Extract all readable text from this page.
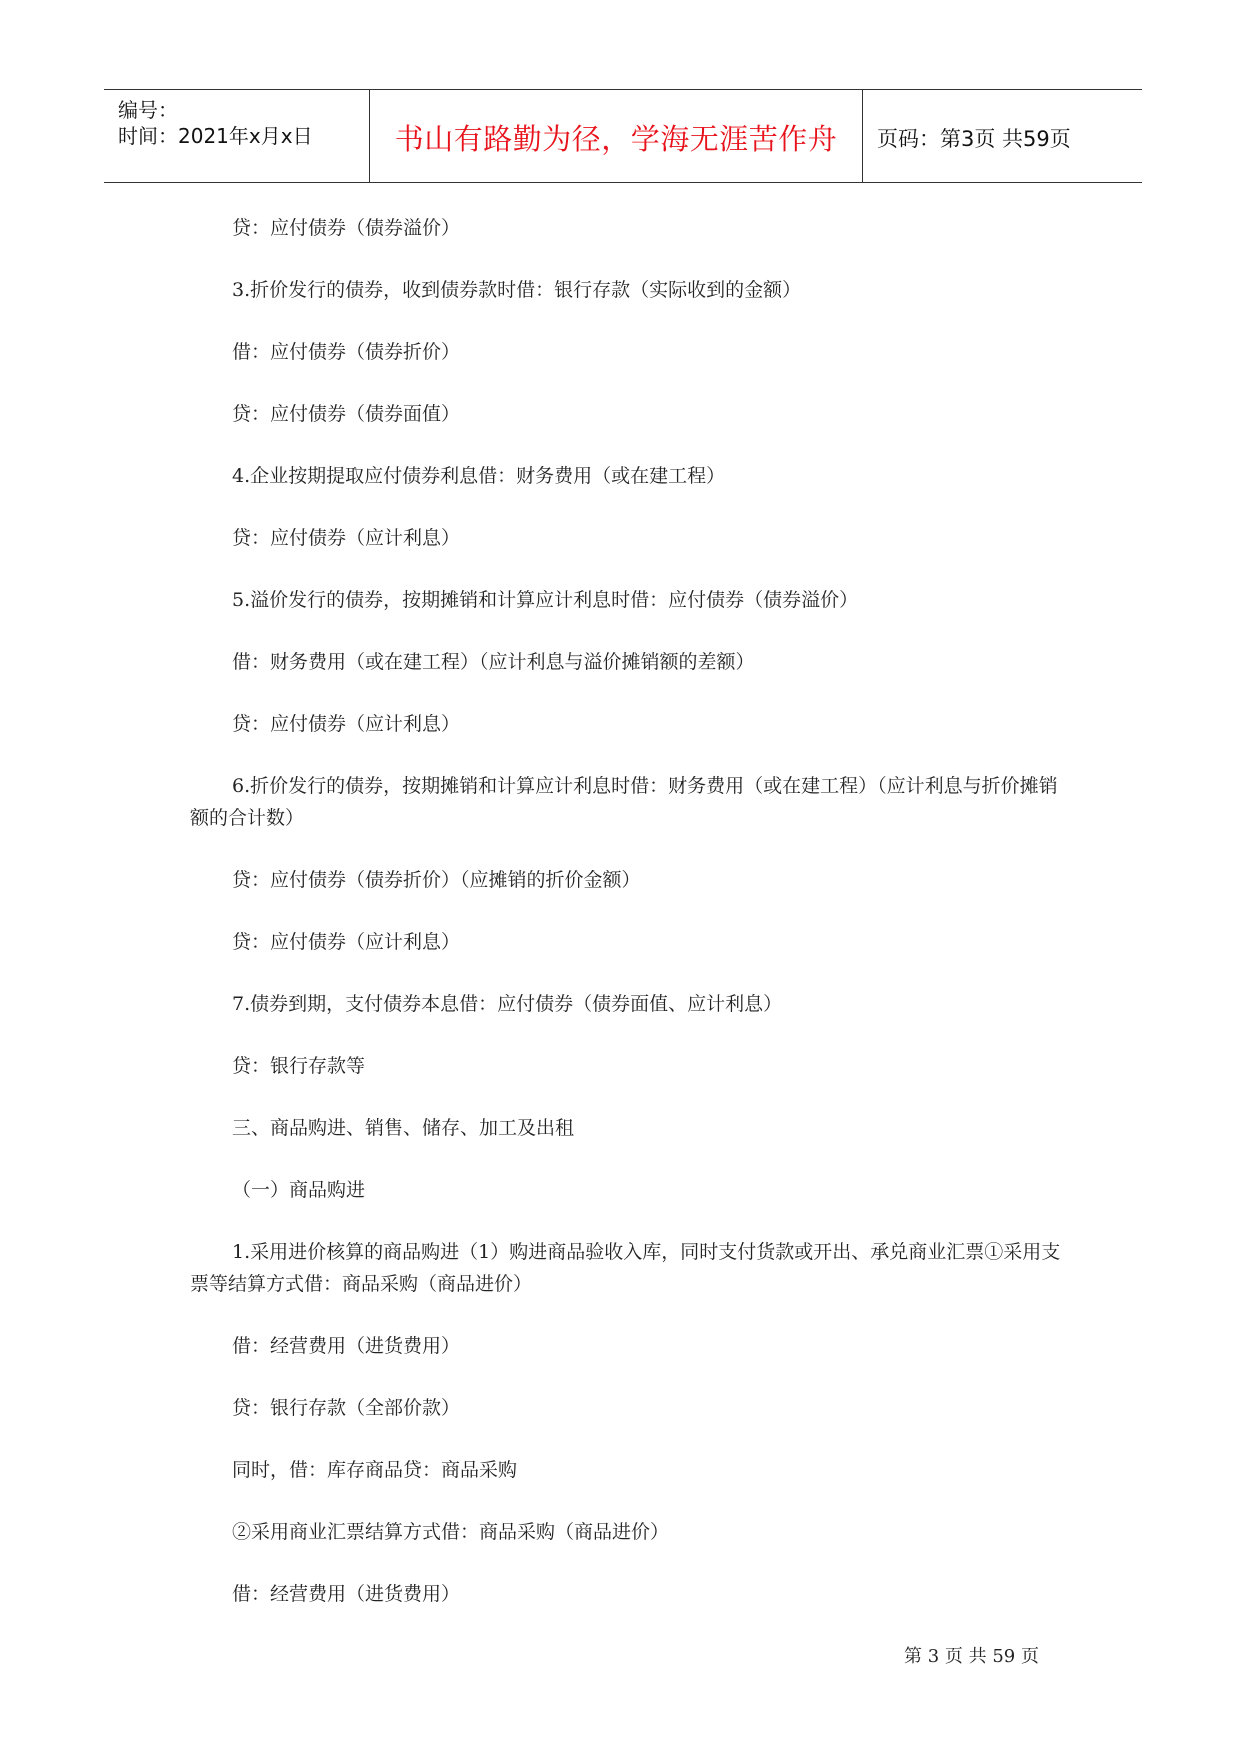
编号：
时间：2021年x月x日	书山有路勤为径，学海无涯苦作舟	页码：第3页 共59页

贷：应付债券（债券溢价）

3.折价发行的债券，收到债券款时借：银行存款（实际收到的金额）

借：应付债券（债券折价）

贷：应付债券（债券面值）

4.企业按期提取应付债券利息借：财务费用（或在建工程）

贷：应付债券（应计利息）

5.溢价发行的债券，按期摊销和计算应计利息时借：应付债券（债券溢价）

借：财务费用（或在建工程）（应计利息与溢价摊销额的差额）

贷：应付债券（应计利息）

6.折价发行的债券，按期摊销和计算应计利息时借：财务费用（或在建工程）（应计利息与折价摊销额的合计数）

贷：应付债券（债券折价）（应摊销的折价金额）

贷：应付债券（应计利息）

7.债券到期，支付债券本息借：应付债券（债券面值、应计利息）

贷：银行存款等

三、商品购进、销售、储存、加工及出租

（一）商品购进

1.采用进价核算的商品购进（1）购进商品验收入库，同时支付货款或开出、承兑商业汇票①采用支票等结算方式借：商品采购（商品进价）

借：经营费用（进货费用）

贷：银行存款（全部价款）

同时，借：库存商品贷：商品采购

②采用商业汇票结算方式借：商品采购（商品进价）

借：经营费用（进货费用）

第 3 页 共 59 页
